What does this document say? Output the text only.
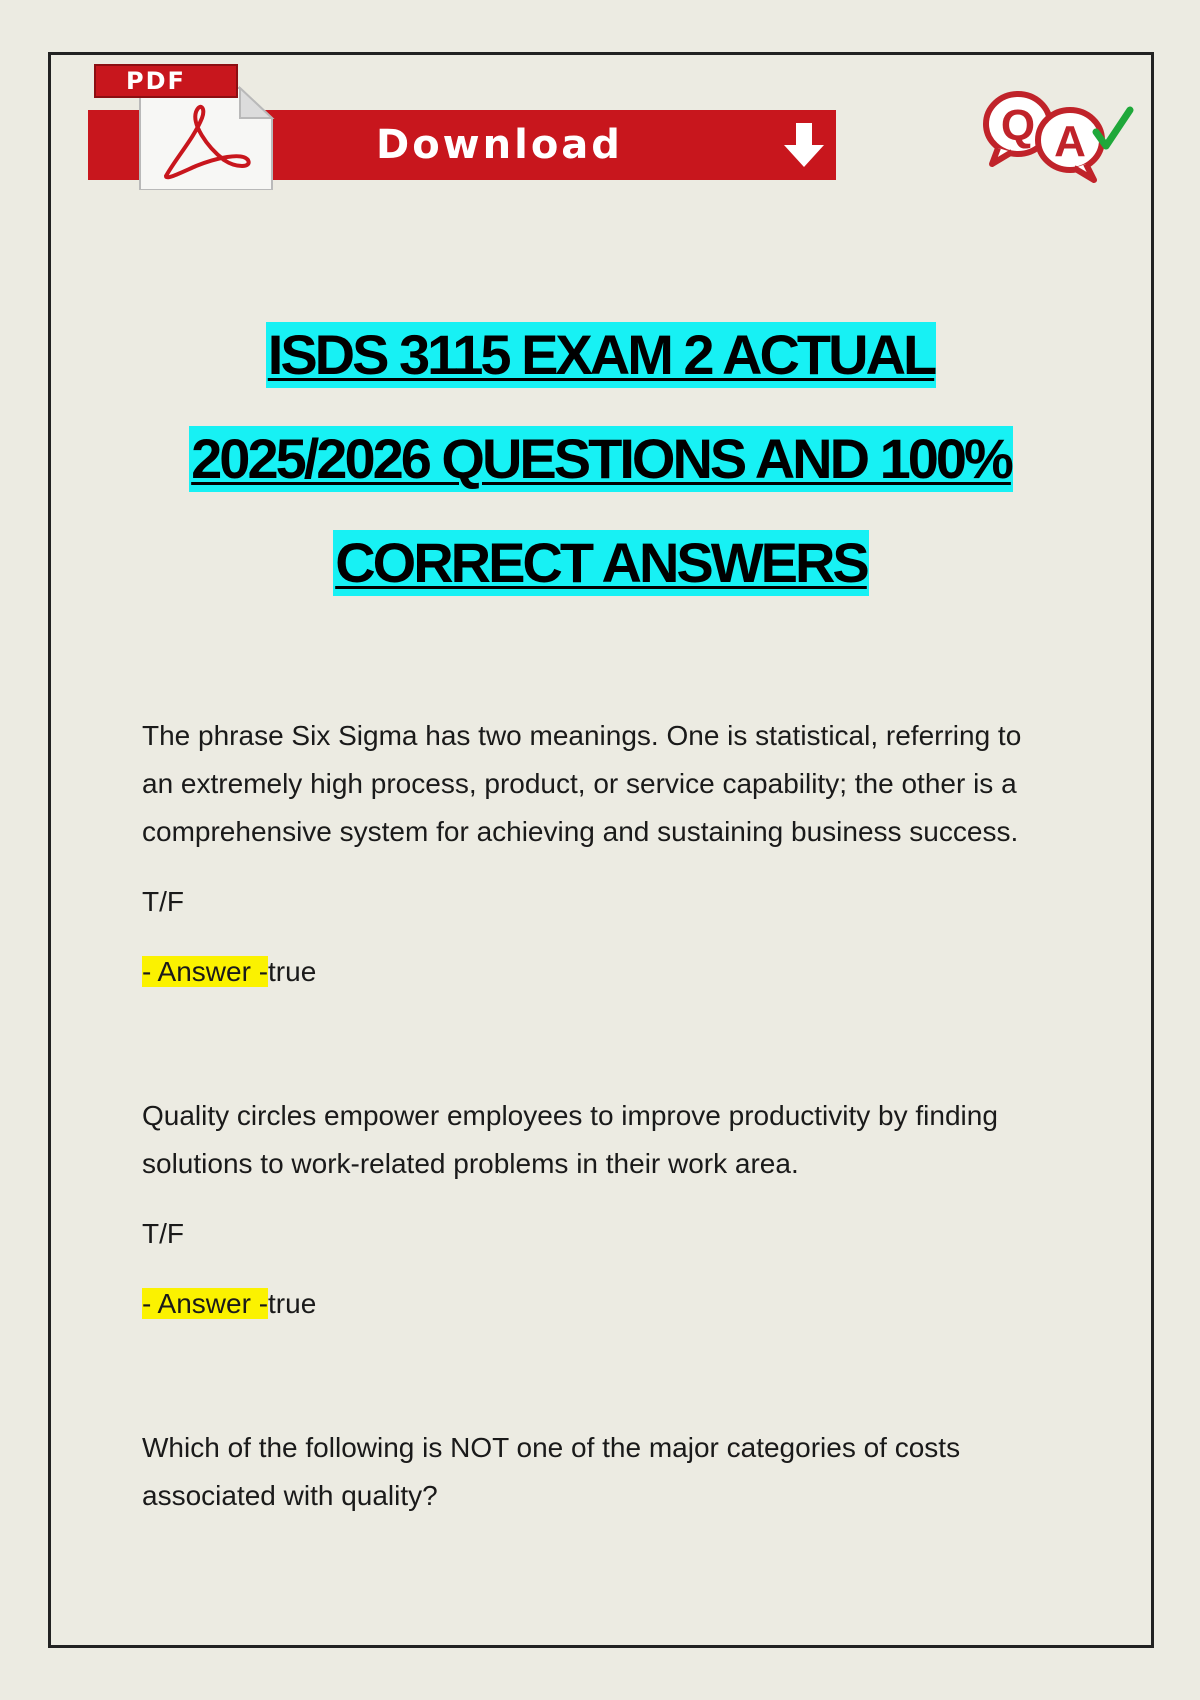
PDF
Download	Q A
ISDS 3115 EXAM 2 ACTUAL
2025/2026 QUESTIONS AND 100%
CORRECT ANSWERS

The phrase Six Sigma has two meanings. One is statistical, referring to
an extremely high process, product, or service capability; the other is a
comprehensive system for achieving and sustaining business success.

T/F

- Answer -true

Quality circles empower employees to improve productivity by finding
solutions to work-related problems in their work area.

T/F

- Answer -true

Which of the following is NOT one of the major categories of costs
associated with quality?
